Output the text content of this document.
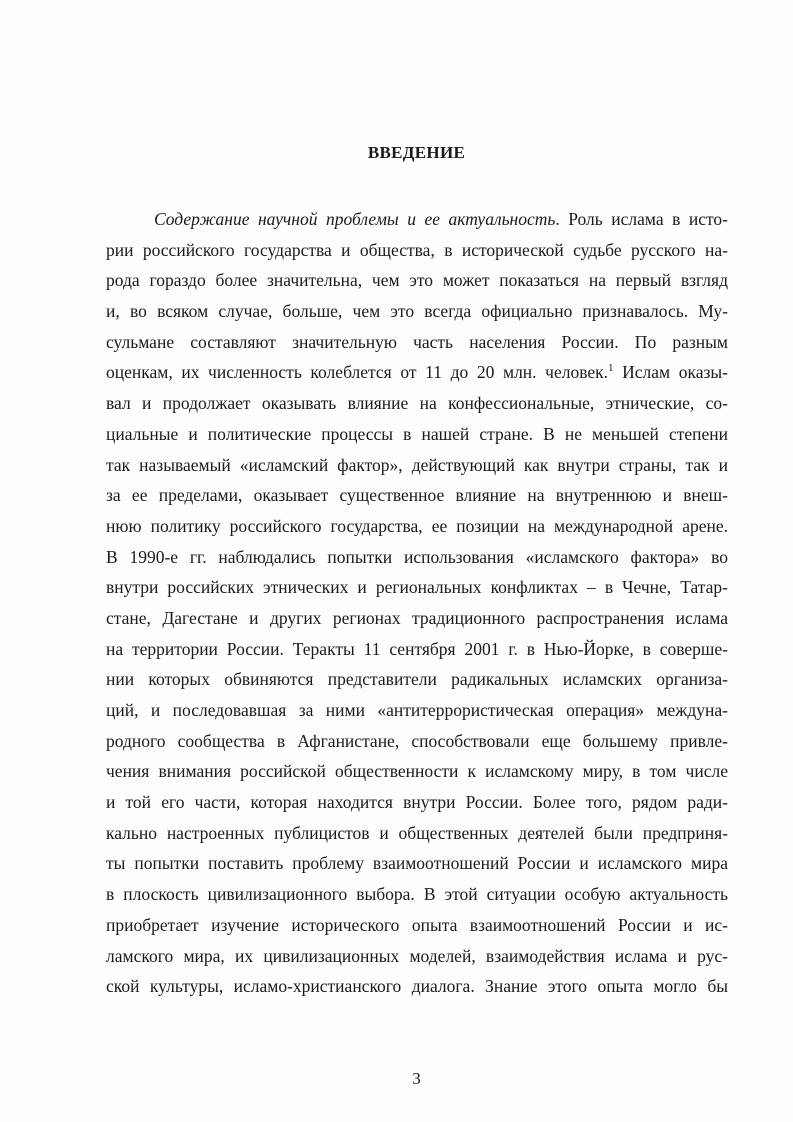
ВВЕДЕНИЕ
Содержание научной проблемы и ее актуальность. Роль ислама в исто-
рии российского государства и общества, в исторической судьбе русского на-
рода гораздо более значительна, чем это может показаться на первый взгляд
и, во всяком случае, больше, чем это всегда официально признавалось. Му-
сульмане составляют значительную часть населения России. По разным
оценкам, их численность колеблется от 11 до 20 млн. человек.$^1$ Ислам оказы-
вал и продолжает оказывать влияние на конфессиональные, этнические, со-
циальные и политические процессы в нашей стране. В не меньшей степени
так называемый «исламский фактор», действующий как внутри страны, так и
за ее пределами, оказывает существенное влияние на внутреннюю и внеш-
нюю политику российского государства, ее позиции на международной арене.
В 1990-е гг. наблюдались попытки использования «исламского фактора» во
внутри российских этнических и региональных конфликтах – в Чечне, Татар-
стане, Дагестане и других регионах традиционного распространения ислама
на территории России. Теракты 11 сентября 2001 г. в Нью-Йорке, в соверше-
нии которых обвиняются представители радикальных исламских организа-
ций, и последовавшая за ними «антитеррористическая операция» междуна-
родного сообщества в Афганистане, способствовали еще большему привле-
чения внимания российской общественности к исламскому миру, в том числе
и той его части, которая находится внутри России. Более того, рядом ради-
кально настроенных публицистов и общественных деятелей были предприня-
ты попытки поставить проблему взаимоотношений России и исламского мира
в плоскость цивилизационного выбора. В этой ситуации особую актуальность
приобретает изучение исторического опыта взаимоотношений России и ис-
ламского мира, их цивилизационных моделей, взаимодействия ислама и рус-
ской культуры, исламо-христианского диалога. Знание этого опыта могло бы
3
